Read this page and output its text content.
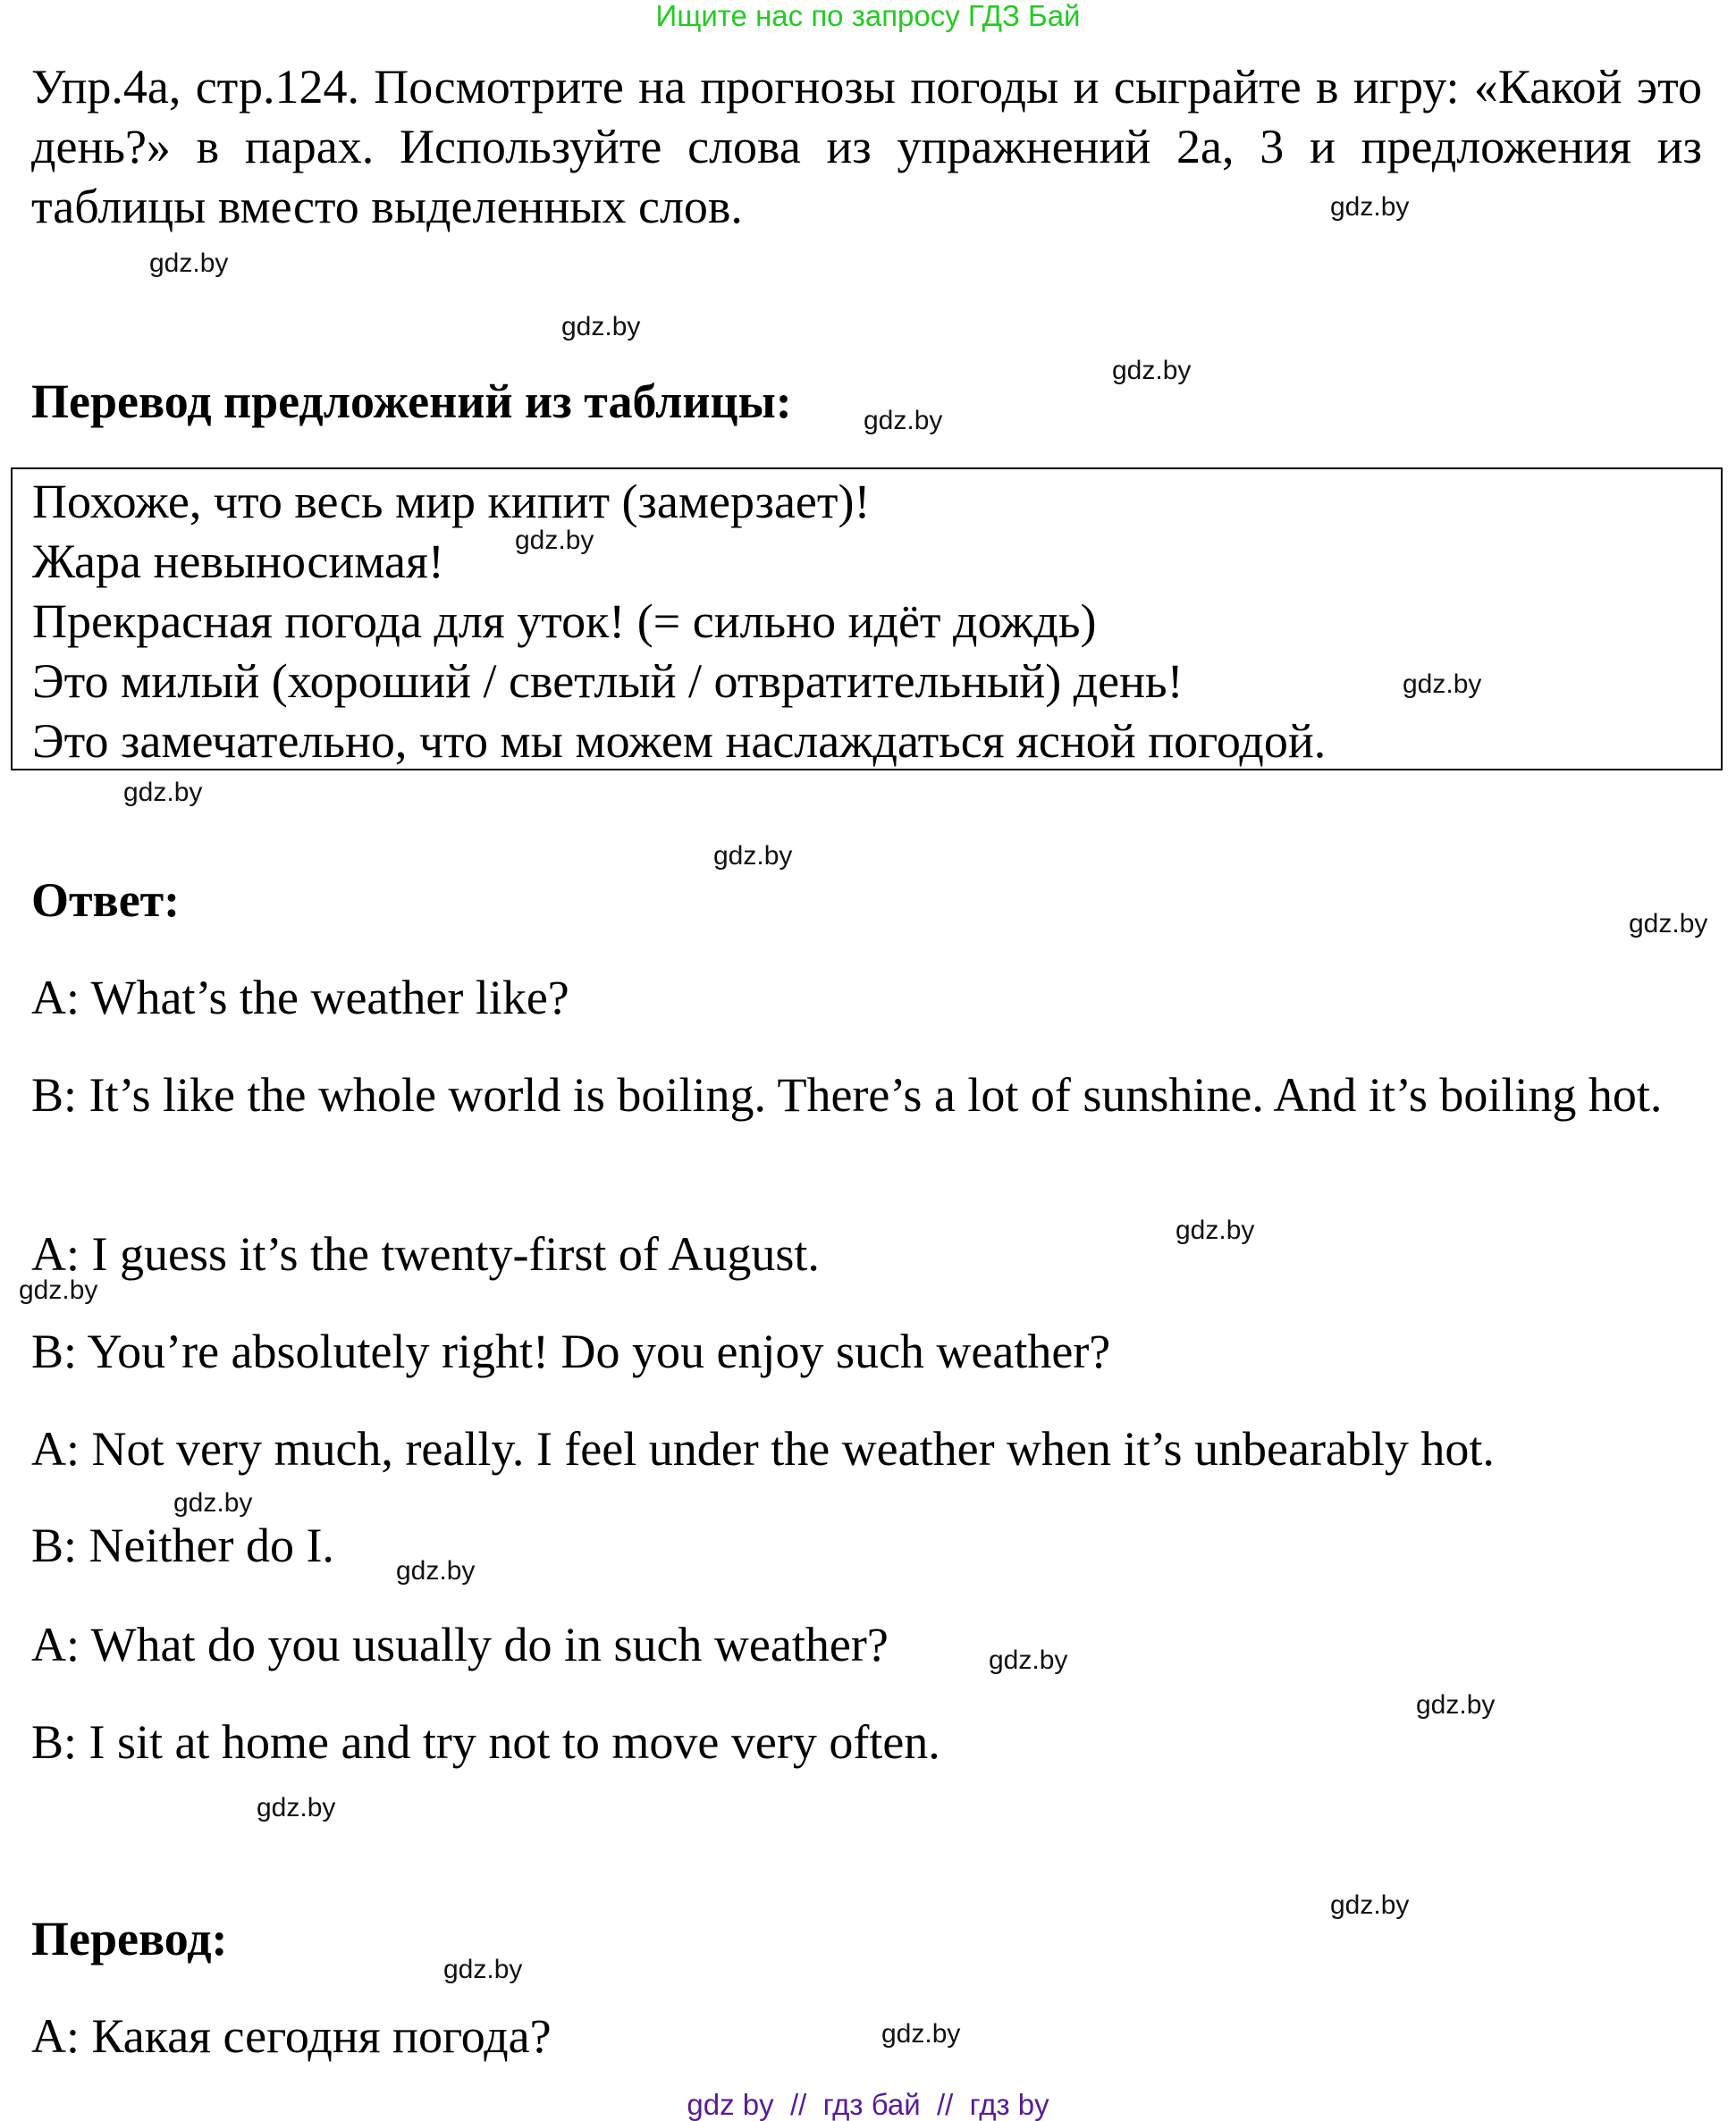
Ищите нас по запросу ГДЗ Бай
Упр.4а, стр.124. Посмотрите на прогнозы погоды и сыграйте в игру: «Какой это день?» в парах. Используйте слова из упражнений 2а, 3 и предложения из таблицы вместо выделенных слов.
Перевод предложений из таблицы:
Похоже, что весь мир кипит (замерзает)!
Жара невыносимая!
Прекрасная погода для уток! (= сильно идёт дождь)
Это милый (хороший / светлый / отвратительный) день!
Это замечательно, что мы можем наслаждаться ясной погодой.
Ответ:
A: What’s the weather like?
B: It’s like the whole world is boiling. There’s a lot of sunshine. And it’s boiling hot.
A: I guess it’s the twenty-first of August.
B: You’re absolutely right! Do you enjoy such weather?
A: Not very much, really. I feel under the weather when it’s unbearably hot.
B: Neither do I.
A: What do you usually do in such weather?
B: I sit at home and try not to move very often.
Перевод:
А: Какая сегодня погода?
gdz.by
gdz.by
gdz.by
gdz.by
gdz.by
gdz.by
gdz.by
gdz.by
gdz.by
gdz.by
gdz.by
gdz.by
gdz.by
gdz.by
gdz.by
gdz.by
gdz.by
gdz.by
gdz.by
gdz.by
gdz by  //  гдз бай  //  гдз by
